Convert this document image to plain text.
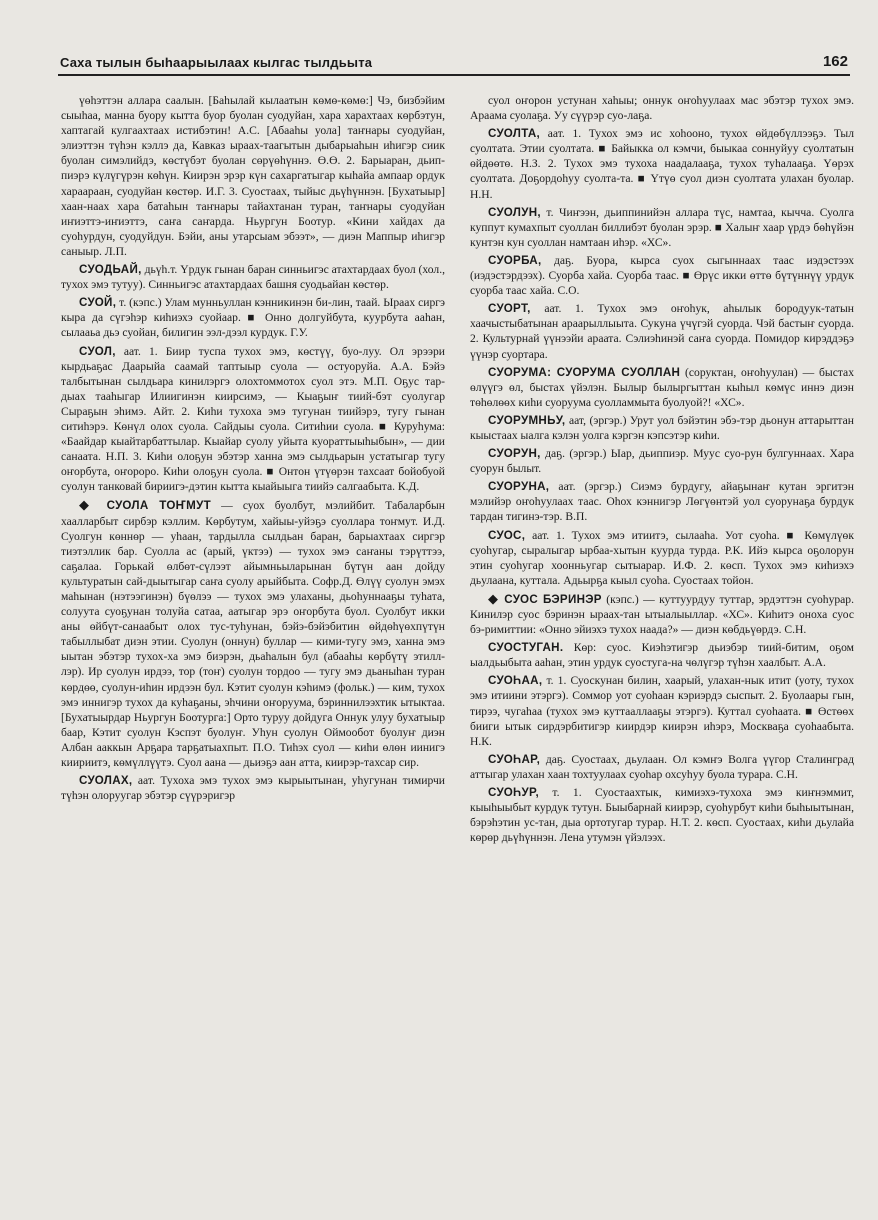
Саха тылын быһаарыылаах кылгас тылдьыта	162

үөһэттэн аллара саалын. [Баһылай кылаатын көмө-көмө:] Чэ, бизбэйим сыыһаа, манна буору кытта буор буолан суодуйан, хара харахтаах көрбэтун, хаптагай кулгаахтаах истибэтин! А.С. [Абааһы уола] таҥнары суодуйан, элиэттэн түһэн кэллэ да, Кавказ ыраах-таагытын дыбарыаһын иһигэр сиик буолан симэлийдэ, көстүбэт буолан сөрүөһүннэ. Ө.Ө. 2. Барыаран, дьип-пиэрэ күлүгүрэн көһүн. Киирэн эрэр күн сахаргатыгар кыһайа ампаар ордук хараараан, суодуйан көстөр. И.Г. 3. Суостаах, тыйыс дьүһүннэн. [Бухатыыр] хаан-наах хара батаһын таҥнары тайахтанан туран, таҥнары суодуйан иҥиэттэ-иҥиэттэ, саҥа саҥарда. Ньургун Боотур. «Кини хайдах да суоһурдун, суодуйдун. Бэйи, аны утарсыам эбээт», — диэн Маппыр иһигэр саныыр. Л.П.

СУОДЬАЙ, дьүһ.т. Үрдук гынан баран синньигэс атахтардаах буол (хол., тухох эмэ тутуу). Синньигэс атахтардаах башня суодьайан көстөр.

СУОЙ, т. (кэпс.) Улам мунньуллан кэнникинэн би-лин, таай. Ыраах сиргэ кыра да сүгэһэр киһиэхэ суойаар. ■ Онно долгуйбута, куурбута ааһан, сылааьа дьэ суойан, билигин ээл-дээл курдук. Г.У.

СУОЛ, аат. 1. Биир туспа тухох эмэ, көстүү, буо-луу. Ол эрээри кырдьаҕас Даарыйа саамай таптыыр суола — остуоруйа. А.А. Бэйэ талбытынан сылдьара кинилэргэ олохтоммотох суол этэ. М.П. Оҕус тар-дыах тааһыгар Илиигинэн киирсимэ, — Кыаҕыҥ тиий-бэт суолугар Сыраҕын эһимэ. Айт. 2. Киһи тухоха эмэ тугунан тиийэрэ, тугу гынан ситиһэрэ. Көнүл олох суола. Сайдыы суола. Ситиһии суола. ■ Куруһума: «Баайдар кыайтарбаттылар. Кыайар суолу уйыта куораттыыһыбын», — дии санаата. Н.П. 3. Киһи олоҕун эбэтэр ханна эмэ сылдьарын устатыгар тугу оҥорбута, оҥороро. Киһи олоҕун суола. ■ Онтон үтүөрэн тахсаат бойобуой суолун танковай бириигэ-дэтин кытта кыайыыга тиийэ салгаабыта. К.Д.

◆ СУОЛА ТОҤМУТ — суох буолбут, мэлийбит. Табаларбын хаалларбыт сирбэр кэллим. Көрбутум, хайыы-уйэҕэ суоллара тоҥмут. И.Д. Суолгун көннөр — уһаан, тардылла сылдьан баран, барыахтаах сиргэр тиэтэллик бар. Суолла ас (арый, үктээ) — тухох эмэ саҥаны тэрүттээ, саҕалаа. Горькай өлбөт-сүлээт айымньыларынан бүтүн аан дойду культуратын сай-дыытыгар саҥа суолу арыйбыта. Софр.Д. Өлүү суолун эмэх маһынан (нэтээгинэн) бүөлээ — тухох эмэ улаханы, дьоһуннааҕы туһата, солуута суоҕунан толуйа сатаа, аатыгар эрэ оҥорбута буол. Суолбут икки аны өйбүт-санаабыт олох тус-туһунан, бэйэ-бэйэбитин өйдөһүөхпүтүн табыллыбат диэн этии. Суолун (оннун) буллар — кими-тугу эмэ, ханна эмэ ыытан эбэтэр тухох-ха эмэ биэрэн, дьаһалын бул (абааһы көрбүтү этилл-лэр). Ир суолун ирдээ, тор (тоҥ) суолун тордоо — тугу эмэ дьаныһан туран көрдөө, суолун-иһин ирдээн бул. Кэтит суолун кэһимэ (фольк.) — ким, тухох эмэ иннигэр тухох да куһаҕаны, эһчини оҥоруума, бэриннилээхтик ытыктаа. [Бухатыырдар Ньургун Боотурга:] Орто туруу дойдуга Оннук улуу бухатыыр баар, Кэтит суолун Кэспэт буолуҥ. Уһун суолун Оймообот буолуҥ диэн Албан ааккын Арҕара тарҕатыахпыт. П.О. Тиһэх суол — киһи өлөн иинигэ киириитэ, көмүллүүтэ. Суол аана — дьиэҕэ аан атта, киирэр-тахсар сир.

СУОЛАХ, аат. Тухоха эмэ тухох эмэ кырыытынан, уһугунан тимирчи түһэн олоруугар эбэтэр сүүрэригэр

суол оҥорон устунан хаһыы; оннук оҥоһуулаах мас эбэтэр тухох эмэ. Араама суолаҕа. Уу сүүрэр суо-лаҕа.

СУОЛТА, аат. 1. Тухох эмэ ис хоһооно, тухох өйдөбүллээҕэ. Тыл суолтата. Этии суолтата. ■ Байыкка ол кэмчи, быыкаа соннуйуу суолтатын өйдөөтө. Н.З. 2. Тухох эмэ тухоха наадалааҕа, тухох туһалааҕа. Үөрэх суолтата. Доҕордоһуу суолта-та. ■ Үтүө суол диэн суолтата улахан буолар. Н.Н.

СУОЛУН, т. Чиҥээн, дьиппинийэн аллара түс, намтаа, кычча. Суолга куппут кумахпыт суоллан биллибэт буолан эрэр. ■ Халыҥ хаар үрдэ бөһүйэн кунтэн кун суоллан намтаан иһэр. «ХС».

СУОРБА, даҕ. Буора, кырса суох сыгыннаах таас иэдэстээх (иэдэстэрдээх). Суорба хайа. Суорба таас. ■ Өрүс икки өттө бүтүннүү урдук суорба таас хайа. С.О.

СУОРТ, аат. 1. Тухох эмэ оҥоһук, аһылык бородуук-татын хаачыстыбатынан араарыллыыта. Сукуна үчүгэй суорда. Чэй бастыҥ суорда. 2. Культурнай үүнээйи араата. Сэлиэһинэй саҥа суорда. Помидор кирэддэҕэ үүнэр суортара.

СУОРУМА: СУОРУМА СУОЛЛАН (соруктан, оҥоһуулан) — быстах өлүүгэ өл, быстах үйэлэн. Былыр былыргыттан кыһыл көмүс иннэ диэн төһөлөөх киһи суоруума суолламмыта буолуой?! «ХС».

СУОРУМНЬУ, аат, (эргэр.) Урут уол бэйэтин эбэ-тэр дьонун аттарыттан кыыстаах ыалга кэлэн уолга кэргэн кэпсэтэр киһи.

СУОРУН, даҕ. (эргэр.) Ыар, дьиппиэр. Муус суо-рун булгуннаах. Хара суорун былыт.

СУОРУНА, аат. (эргэр.) Сиэмэ бурдугу, айаҕынаҥ кутан эргитэн мэлийэр оҥоһуулаах таас. Оһох кэннигэр Лөгүөнтэй уол суорунаҕа бурдук тардан тигинэ-тэр. В.П.

СУОС, аат. 1. Тухох эмэ итиитэ, сылааһа. Уот суоһа. ■ Көмүлүөк суоһугар, сыралыгар ырбаа-хытын куурда турда. Р.К. Ийэ кырса оҕолорун этин суоһугар хоонньугар сытыарар. И.Ф. 2. көсп. Тухох эмэ киһиэхэ дьулаана, куттала. Адьырҕа кыыл суоһа. Суостаах тойон.

◆ СУОС БЭРИНЭР (кэпс.) — куттуурдуу туттар, эрдэттэн суоһурар. Кинилэр суос бэринэн ыраах-тан ытыалыыллар. «ХС». Киһитэ оноха суос бэ-римиттии: «Онно эйиэхэ тухох наада?» — диэн көбдьүөрдэ. С.Н.

СУОСТУГАН. Көр: суос. Киэһэтигэр дьиэбэр тиий-битим, оҕом ыалдьыбыта ааһан, этин урдук суостуга-на чөлүгэр түһэн хаалбыт. А.А.

СУОҺАА, т. 1. Суоскунан билин, хаарый, улахан-нык итит (уоту, тухох эмэ итиини этэргэ). Соммор уот суоһаан кэриэрдэ сыспыт. 2. Буолаары гын, тирээ, чугаһаа (тухох эмэ куттааллааҕы этэргэ). Куттал суоһаата. ■ Өстөөх бииги ытык сирдэрбитигэр киирдэр киирэн иһэрэ, Москваҕа суоһаабыта. Н.К.

СУОҺАР, даҕ. Суостаах, дьулаан. Ол кэмҥэ Волга үүгор Сталинград аттыгар улахан хаан тохтуулаах суоһар охсуһуу буола турара. С.Н.

СУОҺУР, т. 1. Суостаахтык, кимиэхэ-тухоха эмэ киҥнэммит, кыыһыыбыт курдук тутун. Быыбарнай киирэр, суоһурбут киһи быһыытынан, бэрэһэтин ус-тан, дыа ортотугар турар. Н.Т. 2. көсп. Суостаах, киһи дьулайа көрөр дьүһүннэн. Лена утумэн үйэлээх.
